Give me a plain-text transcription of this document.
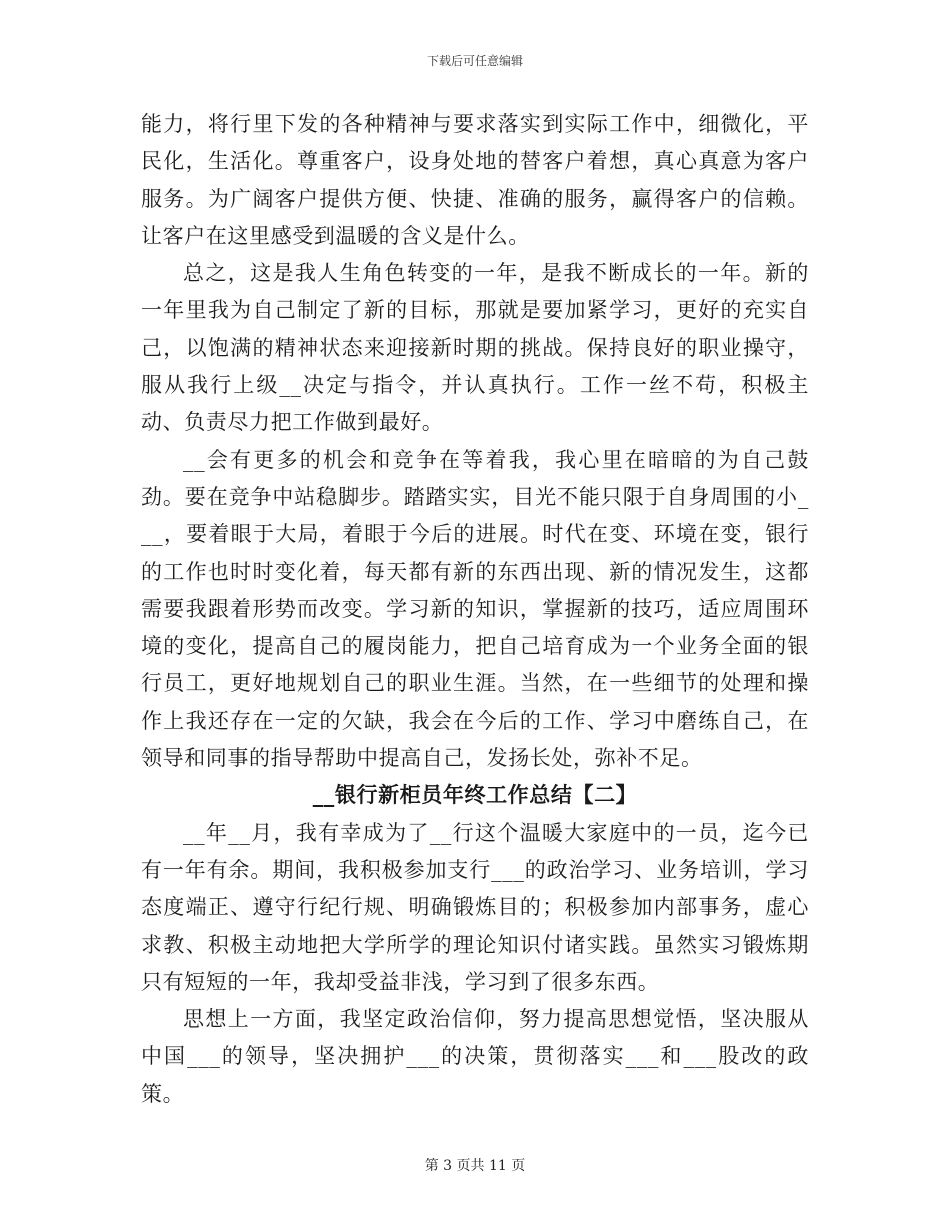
下载后可任意编辑

能力，将行里下发的各种精神与要求落实到实际工作中，细微化，平民化，生活化。尊重客户，设身处地的替客户着想，真心真意为客户服务。为广阔客户提供方便、快捷、准确的服务，赢得客户的信赖。让客户在这里感受到温暖的含义是什么。

总之，这是我人生角色转变的一年，是我不断成长的一年。新的一年里我为自己制定了新的目标，那就是要加紧学习，更好的充实自己，以饱满的精神状态来迎接新时期的挑战。保持良好的职业操守，服从我行上级__决定与指令，并认真执行。工作一丝不苟，积极主动、负责尽力把工作做到最好。

__会有更多的机会和竞争在等着我，我心里在暗暗的为自己鼓劲。要在竞争中站稳脚步。踏踏实实，目光不能只限于自身周围的小___，要着眼于大局，着眼于今后的进展。时代在变、环境在变，银行的工作也时时变化着，每天都有新的东西出现、新的情况发生，这都需要我跟着形势而改变。学习新的知识，掌握新的技巧，适应周围环境的变化，提高自己的履岗能力，把自己培育成为一个业务全面的银行员工，更好地规划自己的职业生涯。当然，在一些细节的处理和操作上我还存在一定的欠缺，我会在今后的工作、学习中磨练自己，在领导和同事的指导帮助中提高自己，发扬长处，弥补不足。

__银行新柜员年终工作总结【二】

__年__月，我有幸成为了__行这个温暖大家庭中的一员，迄今已有一年有余。期间，我积极参加支行___的政治学习、业务培训，学习态度端正、遵守行纪行规、明确锻炼目的；积极参加内部事务，虚心求教、积极主动地把大学所学的理论知识付诸实践。虽然实习锻炼期只有短短的一年，我却受益非浅，学习到了很多东西。

思想上一方面，我坚定政治信仰，努力提高思想觉悟，坚决服从中国___的领导，坚决拥护___的决策，贯彻落实___和___股改的政策。

第 3 页共 11 页
